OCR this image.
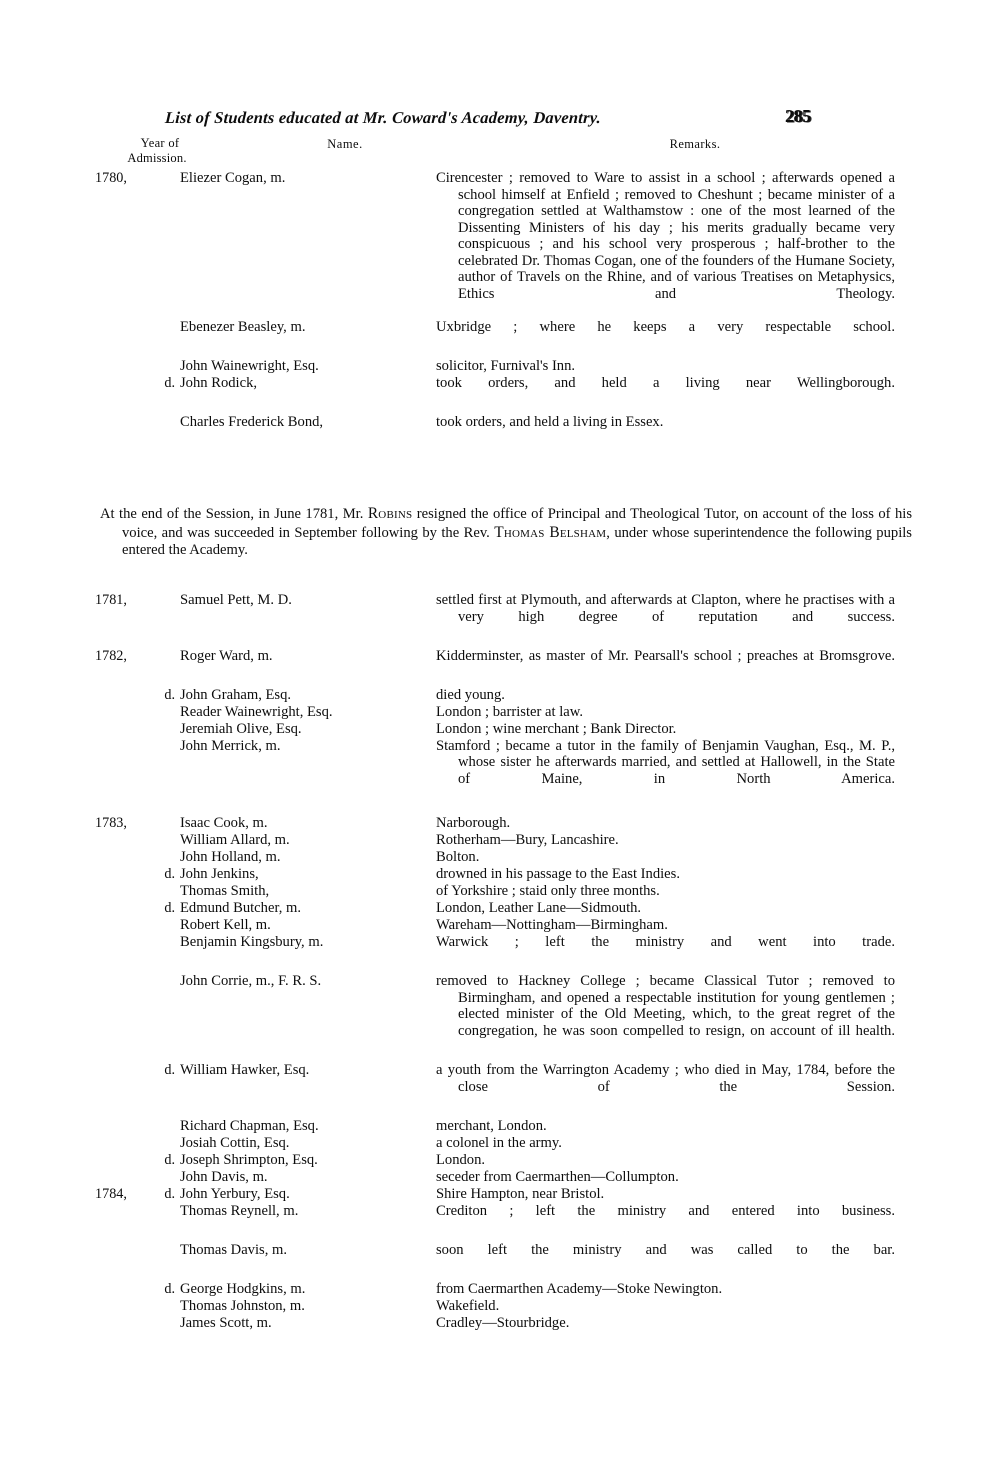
List of Students educated at Mr. Coward's Academy, Daventry.	285
Year of
Admission.
Name.	Remarks.
1780,	Eliezer Cogan, m.	Cirencester ; removed to Ware to assist in a school ; afterwards opened a school himself at Enfield ; removed to Cheshunt ; became minister of a congregation settled at Walthamstow : one of the most learned of the Dissenting Ministers of his day ; his merits gradually became very conspicuous ; and his school very prosperous ; half-brother to the celebrated Dr. Thomas Cogan, one of the founders of the Humane Society, author of Travels on the Rhine, and of various Treatises on Metaphysics, Ethics and Theology.
Ebenezer Beasley, m.	Uxbridge ; where he keeps a very respectable school.
John Wainewright, Esq.	solicitor, Furnival's Inn.
d. John Rodick,	took orders, and held a living near Wellingborough.
Charles Frederick Bond,	took orders, and held a living in Essex.
At the end of the Session, in June 1781, Mr. Robins resigned the office of Principal and Theological Tutor, on account of the loss of his voice, and was succeeded in September following by the Rev. Thomas Belsham, under whose superintendence the following pupils entered the Academy.
1781,	Samuel Pett, M. D.	settled first at Plymouth, and afterwards at Clapton, where he practises with a very high degree of reputation and success.
1782,	Roger Ward, m.	Kidderminster, as master of Mr. Pearsall's school ; preaches at Bromsgrove.
d. John Graham, Esq.	died young.
Reader Wainewright, Esq.	London ; barrister at law.
Jeremiah Olive, Esq.	London ; wine merchant ; Bank Director.
John Merrick, m.	Stamford ; became a tutor in the family of Benjamin Vaughan, Esq., M. P., whose sister he afterwards married, and settled at Hallowell, in the State of Maine, in North America.
1783,	Isaac Cook, m.	Narborough.
William Allard, m.	Rotherham—Bury, Lancashire.
John Holland, m.	Bolton.
d. John Jenkins,	drowned in his passage to the East Indies.
Thomas Smith,	of Yorkshire ; staid only three months.
d. Edmund Butcher, m.	London, Leather Lane—Sidmouth.
Robert Kell, m.	Wareham—Nottingham—Birmingham.
Benjamin Kingsbury, m.	Warwick ; left the ministry and went into trade.
John Corrie, m., F. R. S.	removed to Hackney College ; became Classical Tutor ; removed to Birmingham, and opened a respectable institution for young gentlemen ; elected minister of the Old Meeting, which, to the great regret of the congregation, he was soon compelled to resign, on account of ill health.
d. William Hawker, Esq.	a youth from the Warrington Academy ; who died in May, 1784, before the close of the Session.
Richard Chapman, Esq.	merchant, London.
Josiah Cottin, Esq.	a colonel in the army.
d. Joseph Shrimpton, Esq.	London.
John Davis, m.	seceder from Caermarthen—Collumpton.
1784,	d. John Yerbury, Esq.	Shire Hampton, near Bristol.
Thomas Reynell, m.	Crediton ; left the ministry and entered into business.
Thomas Davis, m.	soon left the ministry and was called to the bar.
d. George Hodgkins, m.	from Caermarthen Academy—Stoke Newington.
Thomas Johnston, m.	Wakefield.
James Scott, m.	Cradley—Stourbridge.
